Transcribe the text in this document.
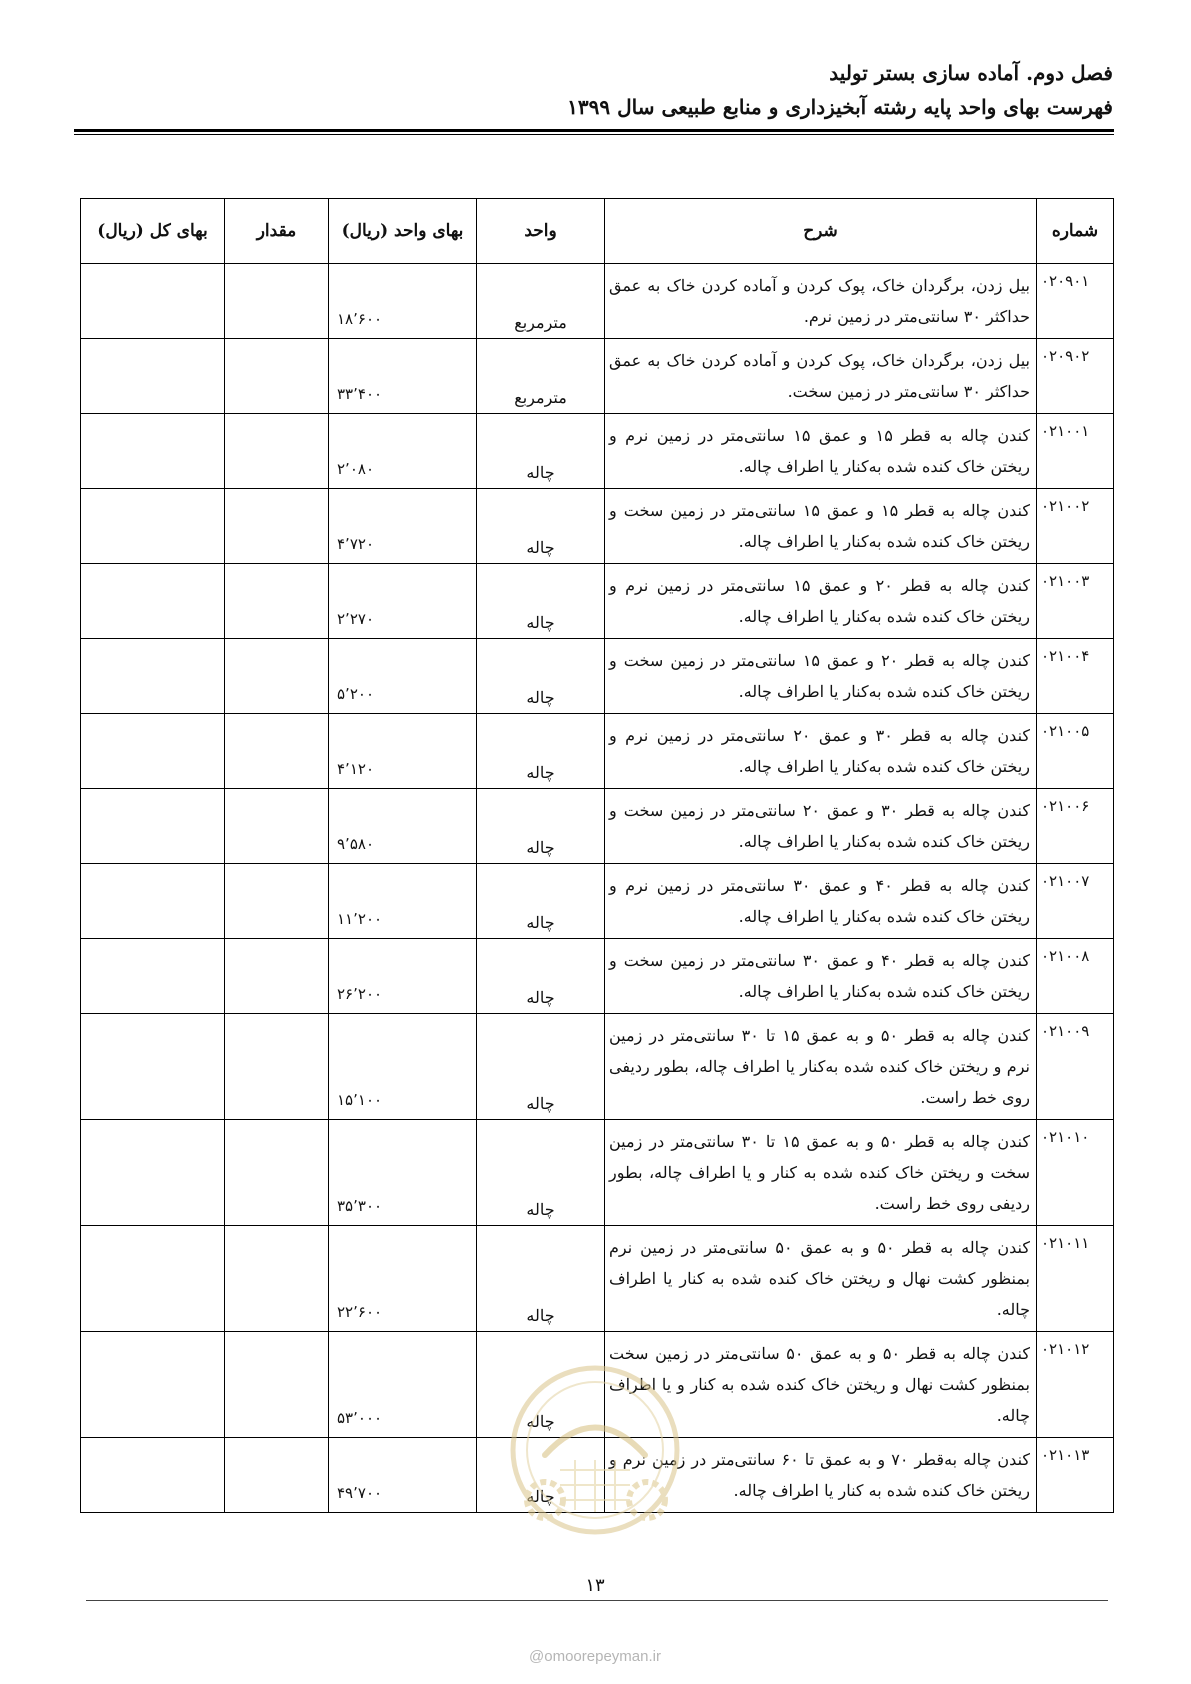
فصل دوم. آماده سازی بستر تولید
فهرست بهای واحد پایه رشته آبخیزداری و منابع طبیعی سال ۱۳۹۹
شماره	شرح	واحد	بهای واحد (ریال)	مقدار	بهای کل (ریال)
۰۲۰۹۰۱	بیل زدن، برگردان خاک، پوک کردن و آماده کردن خاک به عمق حداکثر ۳۰ سانتی‌متر در زمین نرم.	مترمربع	۱۸٬۶۰۰		
۰۲۰۹۰۲	بیل زدن، برگردان خاک، پوک کردن و آماده کردن خاک به عمق حداکثر ۳۰ سانتی‌متر در زمین سخت.	مترمربع	۳۳٬۴۰۰		
۰۲۱۰۰۱	کندن چاله به قطر ۱۵ و عمق ۱۵ سانتی‌متر در زمین نرم و ریختن خاک کنده شده به‌کنار یا اطراف چاله.	چاله	۲٬۰۸۰		
۰۲۱۰۰۲	کندن چاله به قطر ۱۵ و عمق ۱۵ سانتی‌متر در زمین سخت و ریختن خاک کنده شده به‌کنار یا اطراف چاله.	چاله	۴٬۷۲۰		
۰۲۱۰۰۳	کندن چاله به قطر ۲۰ و عمق ۱۵ سانتی‌متر در زمین نرم و ریختن خاک کنده شده به‌کنار یا اطراف چاله.	چاله	۲٬۲۷۰		
۰۲۱۰۰۴	کندن چاله به قطر ۲۰ و عمق ۱۵ سانتی‌متر در زمین سخت و ریختن خاک کنده شده به‌کنار یا اطراف چاله.	چاله	۵٬۲۰۰		
۰۲۱۰۰۵	کندن چاله به قطر ۳۰ و عمق ۲۰ سانتی‌متر در زمین نرم و ریختن خاک کنده شده به‌کنار یا اطراف چاله.	چاله	۴٬۱۲۰		
۰۲۱۰۰۶	کندن چاله به قطر ۳۰ و عمق ۲۰ سانتی‌متر در زمین سخت و ریختن خاک کنده شده به‌کنار یا اطراف چاله.	چاله	۹٬۵۸۰		
۰۲۱۰۰۷	کندن چاله به قطر ۴۰ و عمق ۳۰ سانتی‌متر در زمین نرم و ریختن خاک کنده شده به‌کنار یا اطراف چاله.	چاله	۱۱٬۲۰۰		
۰۲۱۰۰۸	کندن چاله به قطر ۴۰ و عمق ۳۰ سانتی‌متر در زمین سخت و ریختن خاک کنده شده به‌کنار یا اطراف چاله.	چاله	۲۶٬۲۰۰		
۰۲۱۰۰۹	کندن چاله به قطر ۵۰ و به عمق ۱۵ تا ۳۰ سانتی‌متر در زمین نرم و ریختن خاک کنده شده به‌کنار یا اطراف چاله، بطور ردیفی روی خط راست.	چاله	۱۵٬۱۰۰		
۰۲۱۰۱۰	کندن چاله به قطر ۵۰ و به عمق ۱۵ تا ۳۰ سانتی‌متر در زمین سخت و ریختن خاک کنده شده به کنار و یا اطراف چاله، بطور ردیفی روی خط راست.	چاله	۳۵٬۳۰۰		
۰۲۱۰۱۱	کندن چاله به قطر ۵۰ و به عمق ۵۰ سانتی‌متر در زمین نرم بمنظور کشت نهال و ریختن خاک کنده شده به کنار یا اطراف چاله.	چاله	۲۲٬۶۰۰		
۰۲۱۰۱۲	کندن چاله به قطر ۵۰ و به عمق ۵۰ سانتی‌متر در زمین سخت بمنظور کشت نهال و ریختن خاک کنده شده به کنار و یا اطراف چاله.	چاله	۵۳٬۰۰۰		
۰۲۱۰۱۳	کندن چاله به‌قطر ۷۰ و به عمق تا ۶۰ سانتی‌متر در زمین نرم و ریختن خاک کنده شده به کنار یا اطراف چاله.	چاله	۴۹٬۷۰۰		
۱۳
@omoorepeyman.ir
